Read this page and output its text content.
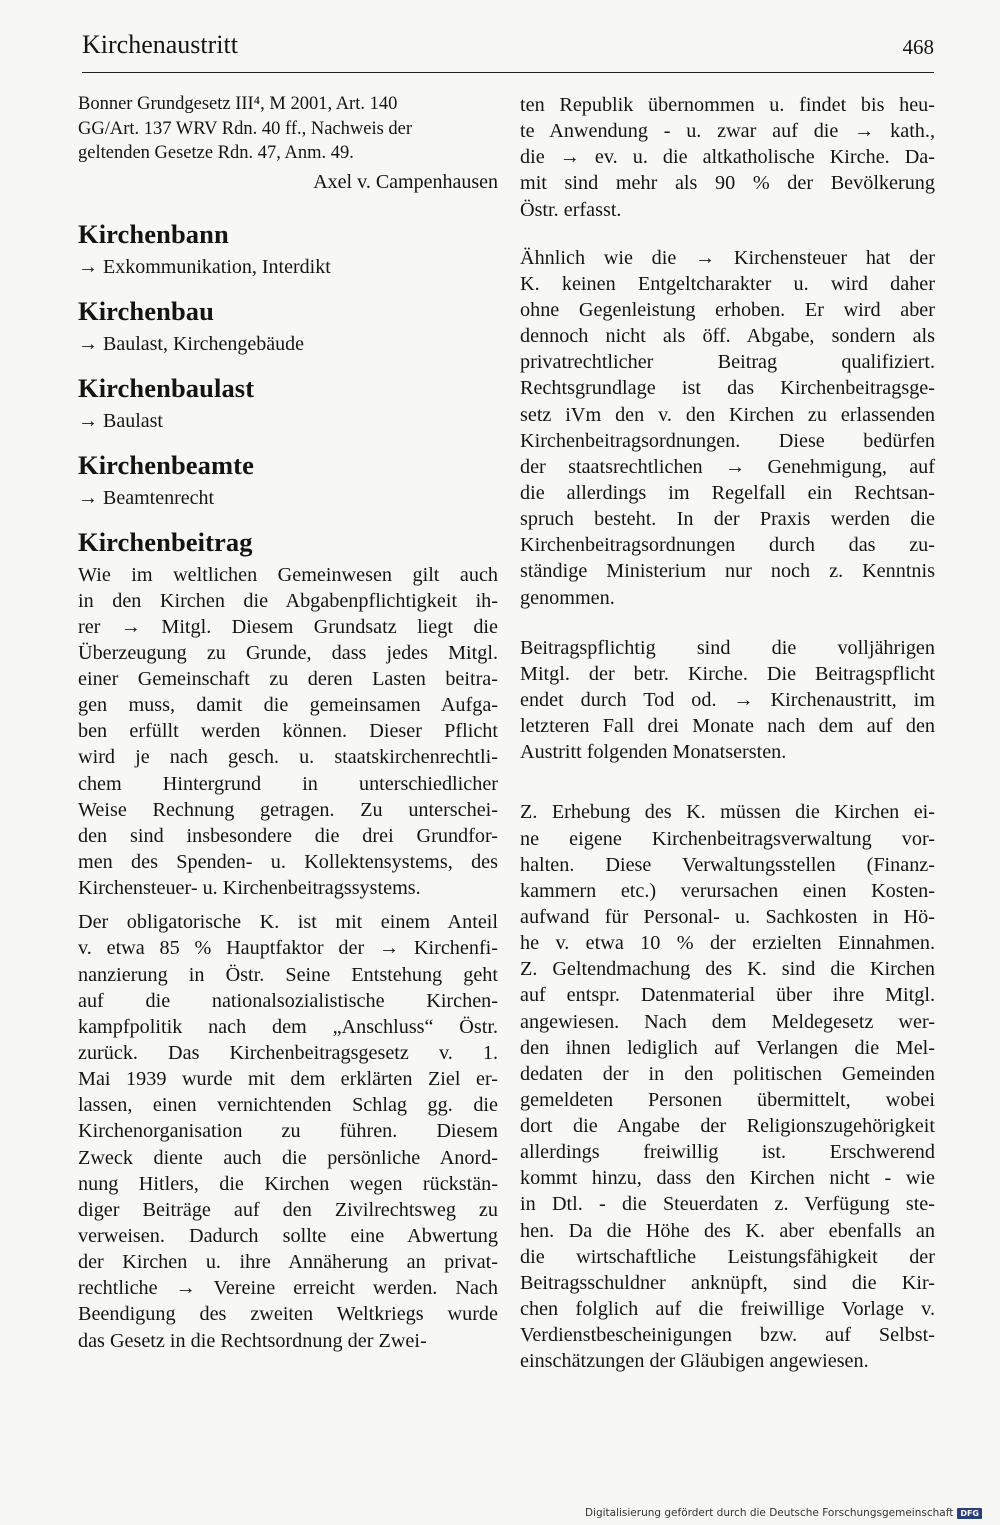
Kirchenaustritt	468
Bonner Grundgesetz III⁴, M 2001, Art. 140
GG/Art. 137 WRV Rdn. 40 ff., Nachweis der
geltenden Gesetze Rdn. 47, Anm. 49.
Axel v. Campenhausen
Kirchenbann
→ Exkommunikation, Interdikt
Kirchenbau
→ Baulast, Kirchengebäude
Kirchenbaulast
→ Baulast
Kirchenbeamte
→ Beamtenrecht
Kirchenbeitrag
Wie im weltlichen Gemeinwesen gilt auch
in den Kirchen die Abgabenpflichtigkeit ih-
rer → Mitgl. Diesem Grundsatz liegt die
Überzeugung zu Grunde, dass jedes Mitgl.
einer Gemeinschaft zu deren Lasten beitra-
gen muss, damit die gemeinsamen Aufga-
ben erfüllt werden können. Dieser Pflicht
wird je nach gesch. u. staatskirchenrechtli-
chem Hintergrund in unterschiedlicher
Weise Rechnung getragen. Zu unterschei-
den sind insbesondere die drei Grundfor-
men des Spenden- u. Kollektensystems, des
Kirchensteuer- u. Kirchenbeitragssystems.
Der obligatorische K. ist mit einem Anteil
v. etwa 85 % Hauptfaktor der → Kirchenfi-
nanzierung in Östr. Seine Entstehung geht
auf die nationalsozialistische Kirchen-
kampfpolitik nach dem „Anschluss“ Östr.
zurück. Das Kirchenbeitragsgesetz v. 1.
Mai 1939 wurde mit dem erklärten Ziel er-
lassen, einen vernichtenden Schlag gg. die
Kirchenorganisation zu führen. Diesem
Zweck diente auch die persönliche Anord-
nung Hitlers, die Kirchen wegen rückstän-
diger Beiträge auf den Zivilrechtsweg zu
verweisen. Dadurch sollte eine Abwertung
der Kirchen u. ihre Annäherung an privat-
rechtliche → Vereine erreicht werden. Nach
Beendigung des zweiten Weltkriegs wurde
das Gesetz in die Rechtsordnung der Zwei-
ten Republik übernommen u. findet bis heu-
te Anwendung - u. zwar auf die → kath.,
die → ev. u. die altkatholische Kirche. Da-
mit sind mehr als 90 % der Bevölkerung
Östr. erfasst.
Ähnlich wie die → Kirchensteuer hat der
K. keinen Entgeltcharakter u. wird daher
ohne Gegenleistung erhoben. Er wird aber
dennoch nicht als öff. Abgabe, sondern als
privatrechtlicher Beitrag qualifiziert.
Rechtsgrundlage ist das Kirchenbeitragsge-
setz iVm den v. den Kirchen zu erlassenden
Kirchenbeitragsordnungen. Diese bedürfen
der staatsrechtlichen → Genehmigung, auf
die allerdings im Regelfall ein Rechtsan-
spruch besteht. In der Praxis werden die
Kirchenbeitragsordnungen durch das zu-
ständige Ministerium nur noch z. Kenntnis
genommen.
Beitragspflichtig sind die volljährigen
Mitgl. der betr. Kirche. Die Beitragspflicht
endet durch Tod od. → Kirchenaustritt, im
letzteren Fall drei Monate nach dem auf den
Austritt folgenden Monatsersten.
Z. Erhebung des K. müssen die Kirchen ei-
ne eigene Kirchenbeitragsverwaltung vor-
halten. Diese Verwaltungsstellen (Finanz-
kammern etc.) verursachen einen Kosten-
aufwand für Personal- u. Sachkosten in Hö-
he v. etwa 10 % der erzielten Einnahmen.
Z. Geltendmachung des K. sind die Kirchen
auf entspr. Datenmaterial über ihre Mitgl.
angewiesen. Nach dem Meldegesetz wer-
den ihnen lediglich auf Verlangen die Mel-
dedaten der in den politischen Gemeinden
gemeldeten Personen übermittelt, wobei
dort die Angabe der Religionszugehörigkeit
allerdings freiwillig ist. Erschwerend
kommt hinzu, dass den Kirchen nicht - wie
in Dtl. - die Steuerdaten z. Verfügung ste-
hen. Da die Höhe des K. aber ebenfalls an
die wirtschaftliche Leistungsfähigkeit der
Beitragsschuldner anknüpft, sind die Kir-
chen folglich auf die freiwillige Vorlage v.
Verdienstbescheinigungen bzw. auf Selbst-
einschätzungen der Gläubigen angewiesen.
Digitalisierung gefördert durch die Deutsche Forschungsgemeinschaft DFG
